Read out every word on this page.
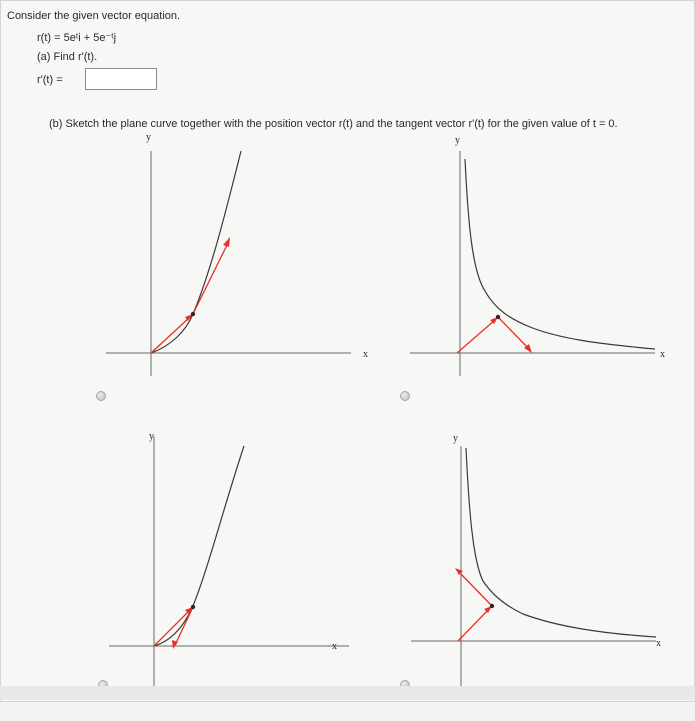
Consider the given vector equation.
r(t) = 5eᵗi + 5e⁻ᵗj
(a) Find r'(t).
r'(t) =
(b) Sketch the plane curve together with the position vector r(t) and the tangent vector r'(t) for the given value of t = 0.
y
x
y
x
y
x
y
x
